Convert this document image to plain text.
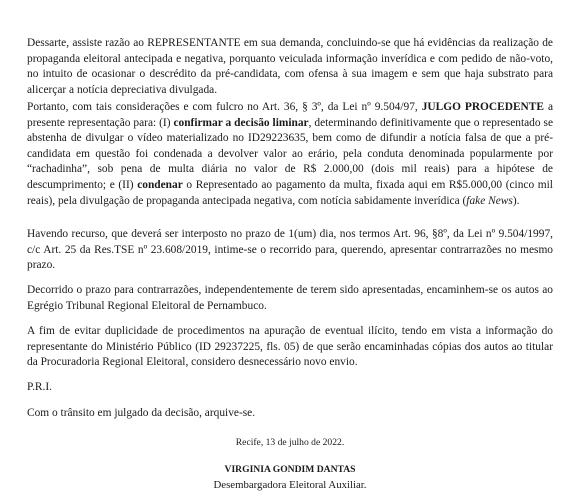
Dessarte, assiste razão ao REPRESENTANTE em sua demanda, concluindo-se que há evidências da realização de propaganda eleitoral antecipada e negativa, porquanto veiculada informação inverídica e com pedido de não-voto, no intuito de ocasionar o descrédito da pré-candidata, com ofensa à sua imagem e sem que haja substrato para alicerçar a notícia depreciativa divulgada.

Portanto, com tais considerações e com fulcro no Art. 36, § 3º, da Lei nº 9.504/97, JULGO PROCEDENTE a presente representação para: (I) confirmar a decisão liminar, determinando definitivamente que o representado se abstenha de divulgar o vídeo materializado no ID29223635, bem como de difundir a notícia falsa de que a pré-candidata em questão foi condenada a devolver valor ao erário, pela conduta denominada popularmente por “rachadinha”, sob pena de multa diária no valor de R$ 2.000,00 (dois mil reais) para a hipótese de descumprimento; e (II) condenar o Representado ao pagamento da multa, fixada aqui em R$5.000,00 (cinco mil reais), pela divulgação de propaganda antecipada negativa, com notícia sabidamente inverídica (fake News).

Havendo recurso, que deverá ser interposto no prazo de 1(um) dia, nos termos Art. 96, §8º, da Lei nº 9.504/1997, c/c Art. 25 da Res.TSE nº 23.608/2019, intime-se o recorrido para, querendo, apresentar contrarrazões no mesmo prazo.

Decorrido o prazo para contrarrazões, independentemente de terem sido apresentadas, encaminhem-se os autos ao Egrégio Tribunal Regional Eleitoral de Pernambuco.

A fim de evitar duplicidade de procedimentos na apuração de eventual ilícito, tendo em vista a informação do representante do Ministério Público (ID 29237225, fls. 05) de que serão encaminhadas cópias dos autos ao titular da Procuradoria Regional Eleitoral, considero desnecessário novo envio.

P.R.I.

Com o trânsito em julgado da decisão, arquive-se.

Recife, 13 de julho de 2022.

VIRGINIA GONDIM DANTAS

Desembargadora Eleitoral Auxiliar.
